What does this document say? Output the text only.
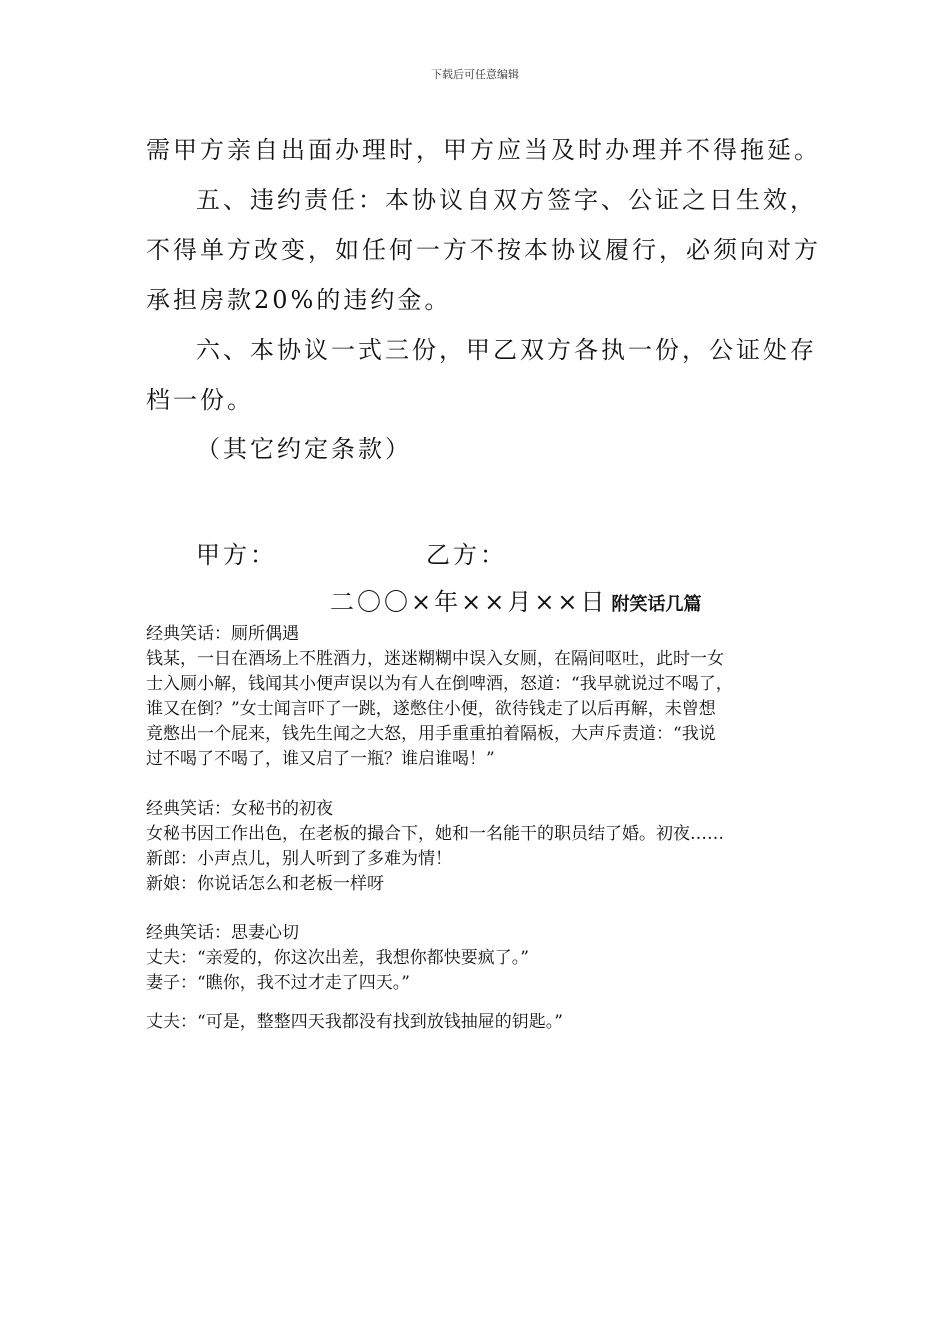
下载后可任意编辑
需甲方亲自出面办理时，甲方应当及时办理并不得拖延。
五、违约责任：本协议自双方签字、公证之日生效，
不得单方改变，如任何一方不按本协议履行，必须向对方
承担房款20%的违约金。
六、本协议一式三份，甲乙双方各执一份，公证处存
档一份。
（其它约定条款）
甲方：	乙方：
二〇〇×年××月××日 附笑话几篇
经典笑话：厕所偶遇
钱某，一日在酒场上不胜酒力，迷迷糊糊中误入女厕，在隔间呕吐，此时一女
士入厕小解，钱闻其小便声误以为有人在倒啤酒，怒道：“我早就说过不喝了，
谁又在倒？”女士闻言吓了一跳，遂憋住小便，欲待钱走了以后再解，未曾想
竟憋出一个屁来，钱先生闻之大怒，用手重重拍着隔板，大声斥责道：“我说
过不喝了不喝了，谁又启了一瓶？谁启谁喝！”
经典笑话：女秘书的初夜
女秘书因工作出色，在老板的撮合下，她和一名能干的职员结了婚。初夜……
新郎：小声点儿，别人听到了多难为情！
新娘：你说话怎么和老板一样呀
经典笑话：思妻心切
丈夫：“亲爱的，你这次出差，我想你都快要疯了。”
妻子：“瞧你，我不过才走了四天。”
丈夫：“可是，整整四天我都没有找到放钱抽屉的钥匙。”
